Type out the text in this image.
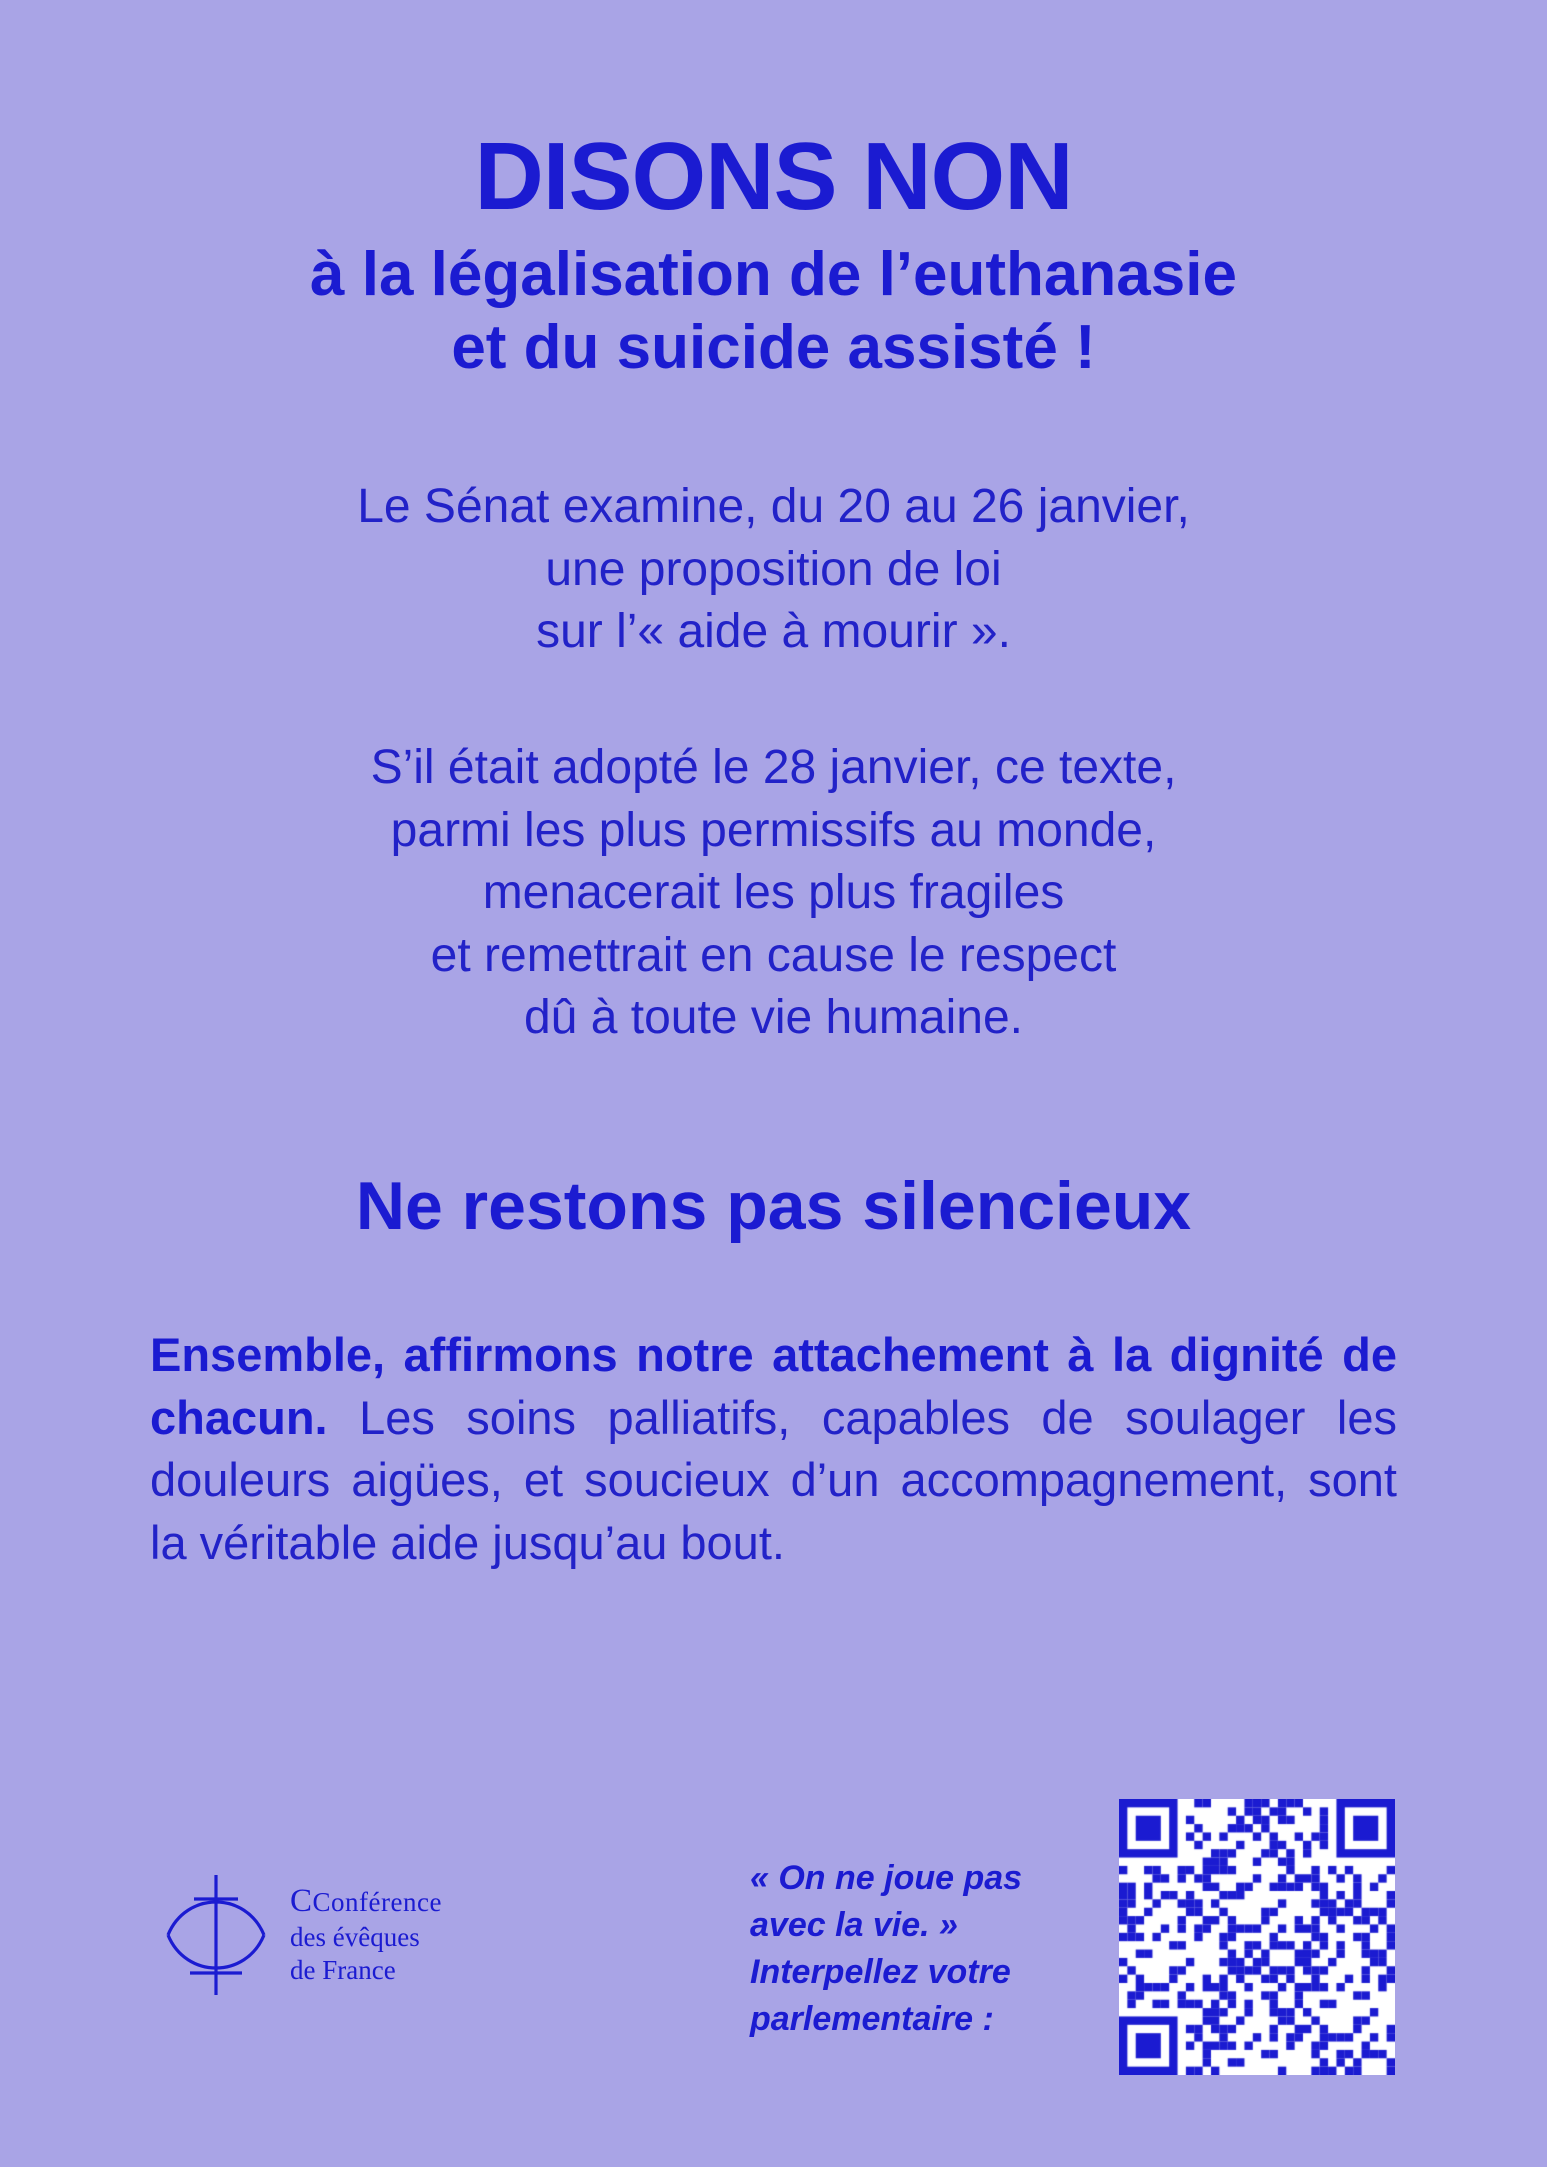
DISONS NON
à la légalisation de l’euthanasie
et du suicide assisté !
Le Sénat examine, du 20 au 26 janvier,
une proposition de loi
sur l’« aide à mourir ».
S’il était adopté le 28 janvier, ce texte,
parmi les plus permissifs au monde,
menacerait les plus fragiles
et remettrait en cause le respect
dû à toute vie humaine.
Ne restons pas silencieux
Ensemble, affirmons notre attachement à la dignité de chacun. Les soins palliatifs, capables de soulager les douleurs aigües, et soucieux d’un accompagnement, sont la véritable aide jusqu’au bout.
CConférence
des évêques
de France
« On ne joue pas
avec la vie. »
Interpellez votre
parlementaire :
